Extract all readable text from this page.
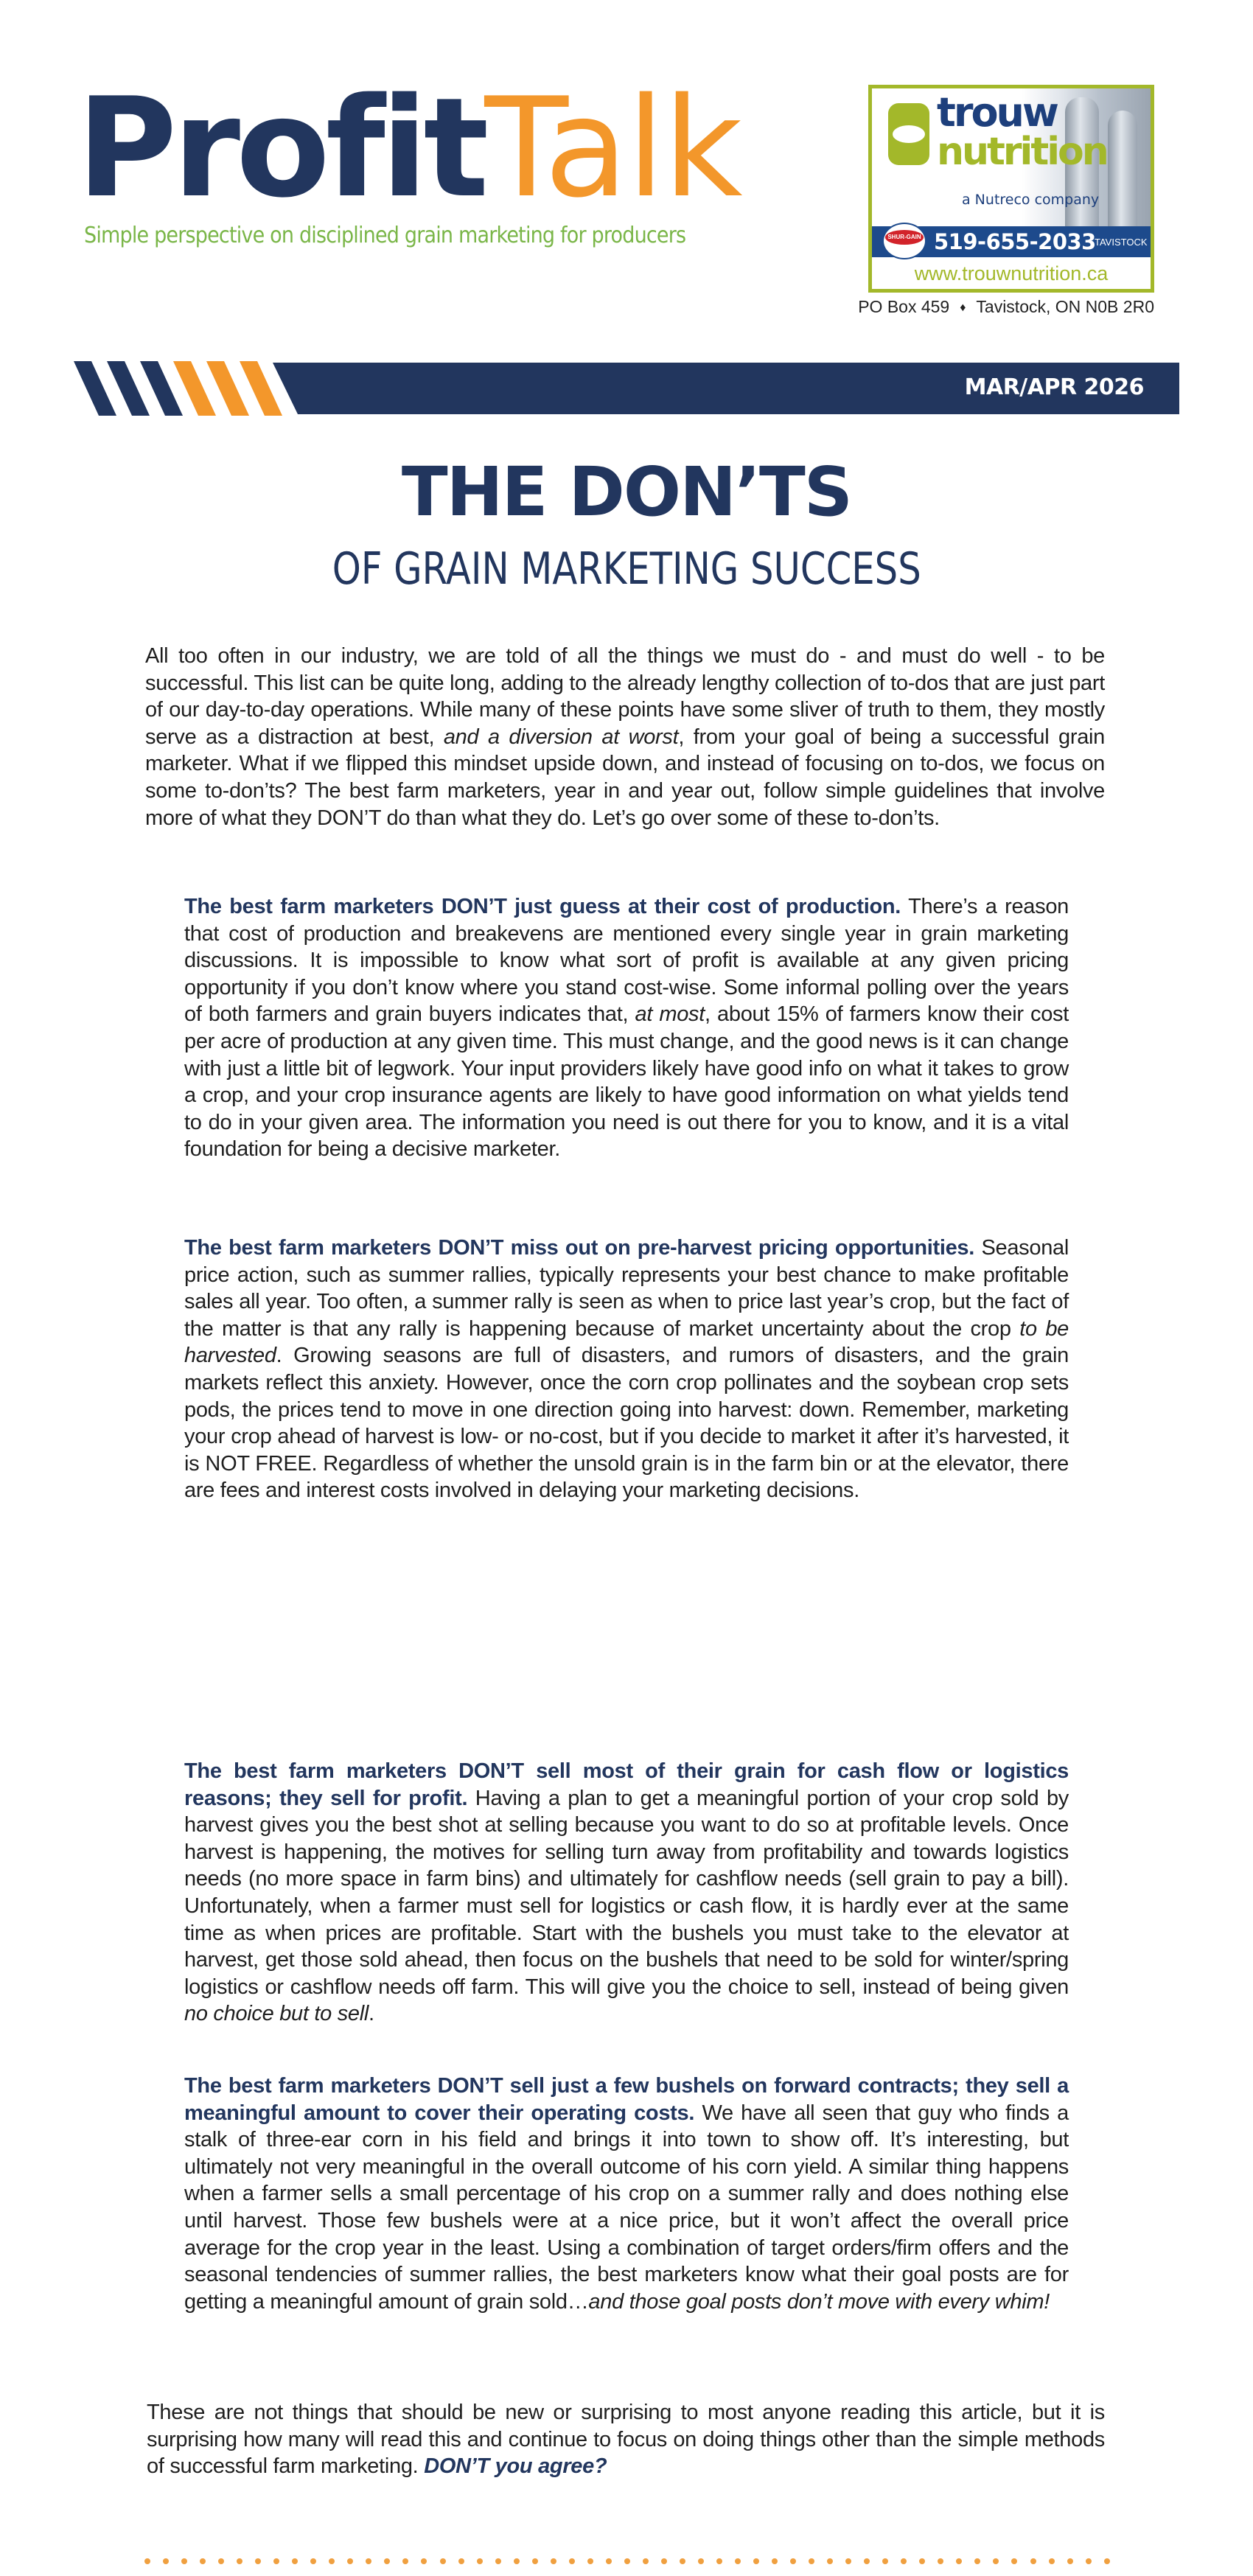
ProfitTalk
Simple perspective on disciplined grain marketing for producers
trouw
nutrition
a Nutreco company
SHUR-GAIN 519-655-2033
TAVISTOCK
www.trouwnutrition.ca
PO Box 459 ♦ Tavistock, ON N0B 2R0
MAR/APR 2026
THE DON’TS
OF GRAIN MARKETING SUCCESS

All too often in our industry, we are told of all the things we must do - and must do well - to be successful. This list can be quite long, adding to the already lengthy collection of to-dos that are just part of our day-to-day operations. While many of these points have some sliver of truth to them, they mostly serve as a distraction at best, and a diversion at worst, from your goal of being a successful grain marketer. What if we flipped this mindset upside down, and instead of focusing on to-dos, we focus on some to-don’ts? The best farm marketers, year in and year out, follow simple guidelines that involve more of what they DON’T do than what they do. Let’s go over some of these to-don’ts.

The best farm marketers DON’T just guess at their cost of production. There’s a reason that cost of production and breakevens are mentioned every single year in grain marketing discussions. It is impossible to know what sort of profit is available at any given pricing opportunity if you don’t know where you stand cost-wise. Some informal polling over the years of both farmers and grain buyers indicates that, at most, about 15% of farmers know their cost per acre of production at any given time. This must change, and the good news is it can change with just a little bit of legwork. Your input providers likely have good info on what it takes to grow a crop, and your crop insurance agents are likely to have good information on what yields tend to do in your given area. The information you need is out there for you to know, and it is a vital foundation for being a decisive marketer.

The best farm marketers DON’T miss out on pre-harvest pricing opportunities. Seasonal price action, such as summer rallies, typically represents your best chance to make profitable sales all year. Too often, a summer rally is seen as when to price last year’s crop, but the fact of the matter is that any rally is happening because of market uncertainty about the crop to be harvested. Growing seasons are full of disasters, and rumors of disasters, and the grain markets reflect this anxiety. However, once the corn crop pollinates and the soybean crop sets pods, the prices tend to move in one direction going into harvest: down. Remember, marketing your crop ahead of harvest is low- or no-cost, but if you decide to market it after it’s harvested, it is NOT FREE. Regardless of whether the unsold grain is in the farm bin or at the elevator, there are fees and interest costs involved in delaying your marketing decisions.

The best farm marketers DON’T sell most of their grain for cash flow or logistics reasons; they sell for profit. Having a plan to get a meaningful portion of your crop sold by harvest gives you the best shot at selling because you want to do so at profitable levels. Once harvest is happening, the motives for selling turn away from profitability and towards logistics needs (no more space in farm bins) and ultimately for cashflow needs (sell grain to pay a bill). Unfortunately, when a farmer must sell for logistics or cash flow, it is hardly ever at the same time as when prices are profitable. Start with the bushels you must take to the elevator at harvest, get those sold ahead, then focus on the bushels that need to be sold for winter/spring logistics or cashflow needs off farm. This will give you the choice to sell, instead of being given no choice but to sell.

The best farm marketers DON’T sell just a few bushels on forward contracts; they sell a meaningful amount to cover their operating costs. We have all seen that guy who finds a stalk of three-ear corn in his field and brings it into town to show off. It’s interesting, but ultimately not very meaningful in the overall outcome of his corn yield. A similar thing happens when a farmer sells a small percentage of his crop on a summer rally and does nothing else until harvest. Those few bushels were at a nice price, but it won’t affect the overall price average for the crop year in the least. Using a combination of target orders/firm offers and the seasonal tendencies of summer rallies, the best marketers know what their goal posts are for getting a meaningful amount of grain sold…and those goal posts don’t move with every whim!

These are not things that should be new or surprising to most anyone reading this article, but it is surprising how many will read this and continue to focus on doing things other than the simple methods of successful farm marketing. DON’T you agree?
